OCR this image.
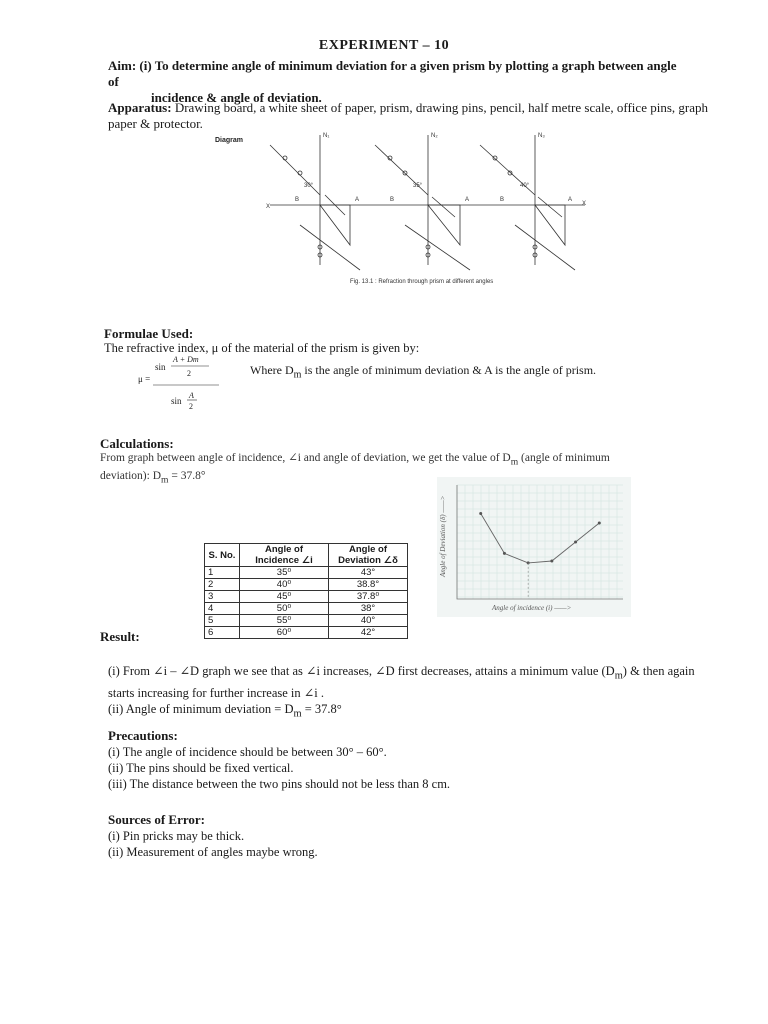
EXPERIMENT – 10
Aim: (i) To determine angle of minimum deviation for a given prism by plotting a graph between angle of
incidence & angle of deviation.
Apparatus: Drawing board, a white sheet of paper, prism, drawing pins, pencil, half metre scale, office pins, graph paper & protector.
Diagram
X	X
30°
N₁
B	A
35°
N₂
B	A
40°
N₃
B	A
Fig. 13.1 : Refraction through prism at different angles
Formulae Used:
The refractive index, μ of the material of the prism is given by:
μ =
sin
A + Dm
2
sin
A
2
Where $D_m$ is the angle of minimum deviation & A is the angle of prism.
Calculations:
From graph between angle of incidence, ∠i and angle of deviation, we get the value of $D_m$ (angle of minimum
deviation): $D_m = 37.8^\circ$
S. No.	Angle of Incidence ∠i	Angle of Deviation ∠δ
1	35⁰	43°
2	40⁰	38.8°
3	45⁰	37.8⁰
4	50⁰	38°
5	55⁰	40°
6	60⁰	42°
Angle of Deviation (δ) ——>
Angle of incidence (i) ——>
Result:
(i) From ∠i – ∠D graph we see that as ∠i increases, ∠D first decreases, attains a minimum value $(D_m)$ & then again
starts increasing for further increase in ∠i .
(ii) Angle of minimum deviation = $D_m = 37.8^\circ$
Precautions:
(i) The angle of incidence should be between 30° – 60°.
(ii) The pins should be fixed vertical.
(iii) The distance between the two pins should not be less than 8 cm.
Sources of Error:
(i) Pin pricks may be thick.
(ii) Measurement of angles maybe wrong.
